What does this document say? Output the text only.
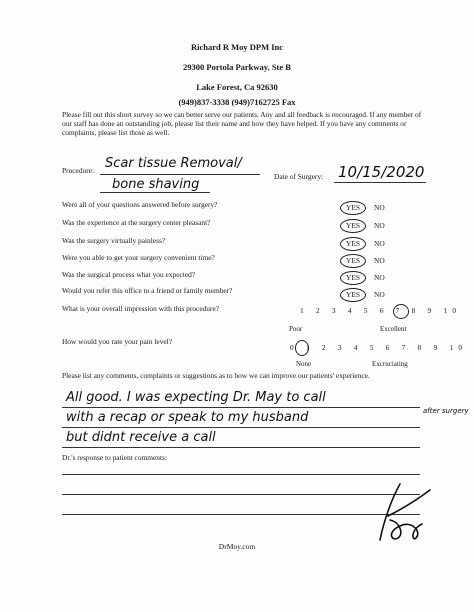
Richard R Moy DPM Inc
29300 Portola Parkway, Ste B
Lake Forest, Ca 92630
(949)837-3338 (949)7162725 Fax
Please fill out this short survey so we can better serve our patients. Any and all feedback is encouraged. If any member of our staff has done an outstanding job, please list their name and how they have helped. If you have any comments or complaints, please list those as well.
Procedure: Scar tissue Removal/
bone shaving
Date of Surgery: 10/15/2020
Were all of your questions answered before surgery?	YES NO
Was the experience at the surgery center pleasant?	YES NO
Was the surgery virtually painless?	YES NO
Were you able to get your surgery convenient time?	YES NO
Was the surgical process what you expected?	YES NO
Would you refer this office to a friend or family member?	YES NO
What is your overall impression with this procedure?	1 2 3 4 5 6 7 8 9 10
Poor	Excellent
How would you rate your pain level?
0 1 2 3 4 5 6 7 8 9 10
None	Excruciating
Please list any comments, complaints or suggestions as to how we can improve our patients' experience.
All good. I was expecting Dr. May to call
with a recap or speak to my husband	after surgery
but didnt receive a call
Dr.'s response to patient comments:
DrMoy.com
